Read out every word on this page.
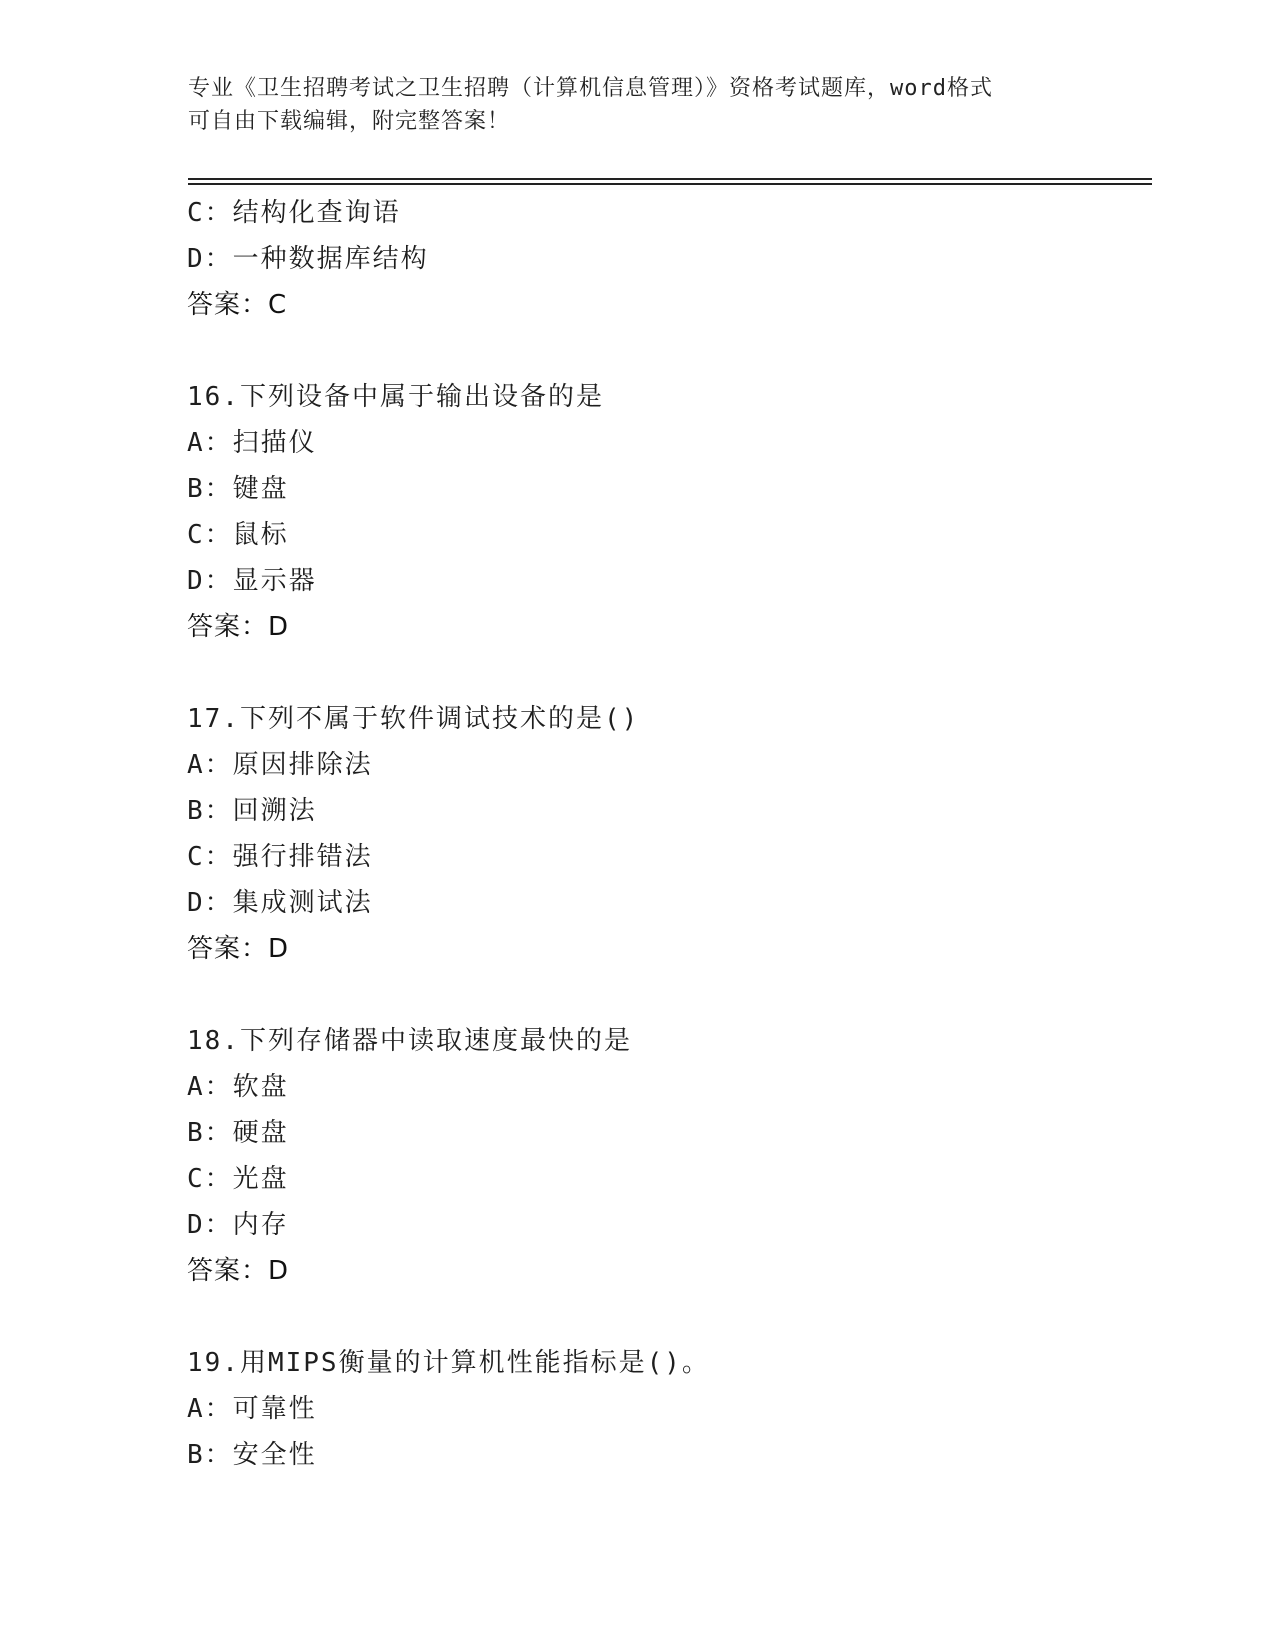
专业《卫生招聘考试之卫生招聘（计算机信息管理）》资格考试题库，word格式
可自由下载编辑，附完整答案！
C：结构化查询语
D：一种数据库结构
答案：C
16.下列设备中属于输出设备的是
A：扫描仪
B：键盘
C：鼠标
D：显示器
答案：D
17.下列不属于软件调试技术的是()
A：原因排除法
B：回溯法
C：强行排错法
D：集成测试法
答案：D
18.下列存储器中读取速度最快的是
A：软盘
B：硬盘
C：光盘
D：内存
答案：D
19.用MIPS衡量的计算机性能指标是()。
A：可靠性
B：安全性
